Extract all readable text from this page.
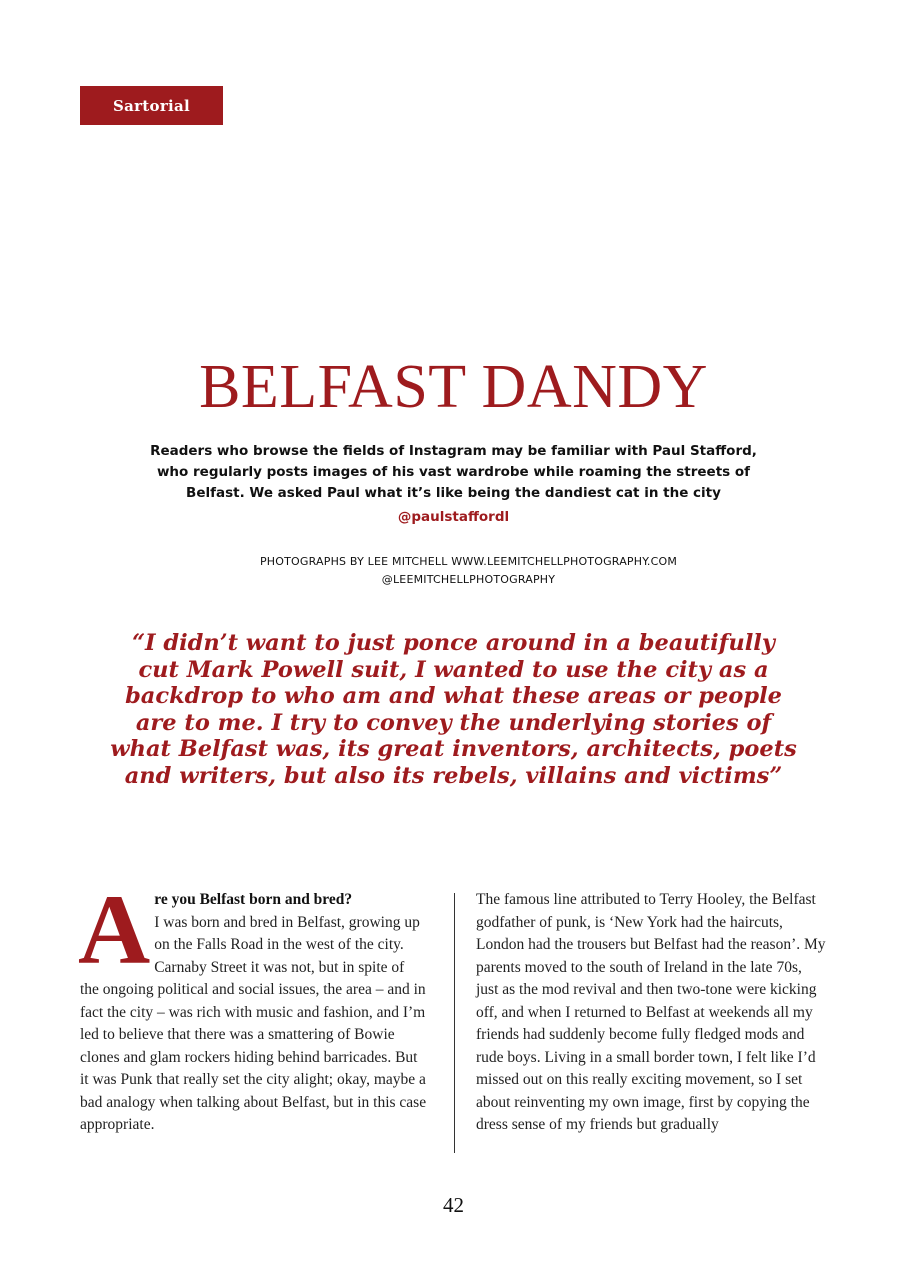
Sartorial
BELFAST DANDY

Readers who browse the fields of Instagram may be familiar with Paul Stafford, who regularly posts images of his vast wardrobe while roaming the streets of Belfast. We asked Paul what it’s like being the dandiest cat in the city

@paulstaffordl
PHOTOGRAPHS BY LEE MITCHELL WWW.LEEMITCHELLPHOTOGRAPHY.COM
@LEEMITCHELLPHOTOGRAPHY

“I didn’t want to just ponce around in a beautifully cut Mark Powell suit, I wanted to use the city as a backdrop to who am and what these areas or people are to me. I try to convey the underlying stories of what Belfast was, its great inventors, architects, poets and writers, but also its rebels, villains and victims”

A re you Belfast born and bred?
I was born and bred in Belfast, growing up on the Falls Road in the west of the city. Carnaby Street it was not, but in spite of the ongoing political and social issues, the area – and in fact the city – was rich with music and fashion, and I’m led to believe that there was a smattering of Bowie clones and glam rockers hiding behind barricades. But it was Punk that really set the city alight; okay, maybe a bad analogy when talking about Belfast, but in this case appropriate.

The famous line attributed to Terry Hooley, the Belfast godfather of punk, is ‘New York had the haircuts, London had the trousers but Belfast had the reason’. My parents moved to the south of Ireland in the late 70s, just as the mod revival and then two-tone were kicking off, and when I returned to Belfast at weekends all my friends had suddenly become fully fledged mods and rude boys. Living in a small border town, I felt like I’d missed out on this really exciting movement, so I set about reinventing my own image, first by copying the dress sense of my friends but gradually

42
